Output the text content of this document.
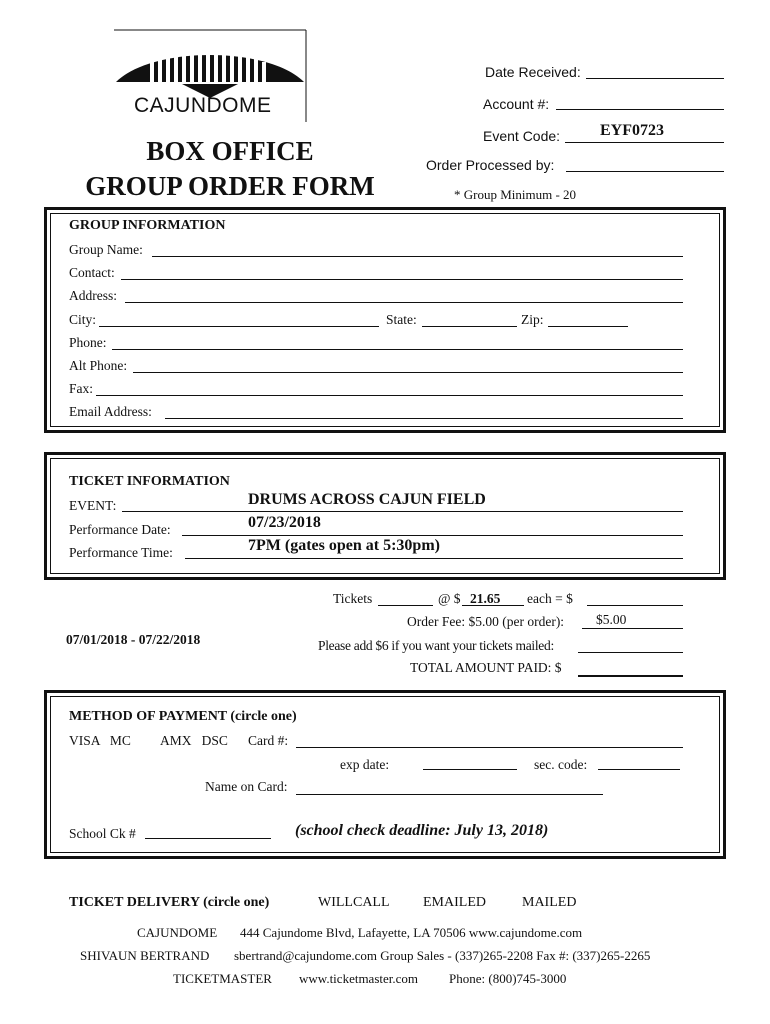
CAJUNDOME
BOX OFFICE
GROUP ORDER FORM
Date Received:
Account #:
Event Code: EYF0723
Order Processed by:
* Group Minimum - 20
GROUP INFORMATION
Group Name:
Contact:
Address:
City:	State:	Zip:
Phone:
Alt Phone:
Fax:
Email Address:
TICKET INFORMATION
EVENT:	DRUMS ACROSS CAJUN FIELD
Performance Date:	07/23/2018
Performance Time:	7PM (gates open at 5:30pm)
07/01/2018 - 07/22/2018
Tickets	@ $ 21.65 each = $
Order Fee: $5.00 (per order): $5.00
Please add $6 if you want your tickets mailed:
TOTAL AMOUNT PAID: $
METHOD OF PAYMENT (circle one)
VISA   MC AMX   DSC Card #:
exp date:	sec. code:
Name on Card:
School Ck #	(school check deadline: July 13, 2018)
TICKET DELIVERY (circle one)	WILLCALL EMAILED	MAILED
CAJUNDOME 444 Cajundome Blvd, Lafayette, LA 70506 www.cajundome.com
SHIVAUN BERTRAND sbertrand@cajundome.com Group Sales - (337)265-2208 Fax #: (337)265-2265
TICKETMASTER www.ticketmaster.com Phone: (800)745-3000
